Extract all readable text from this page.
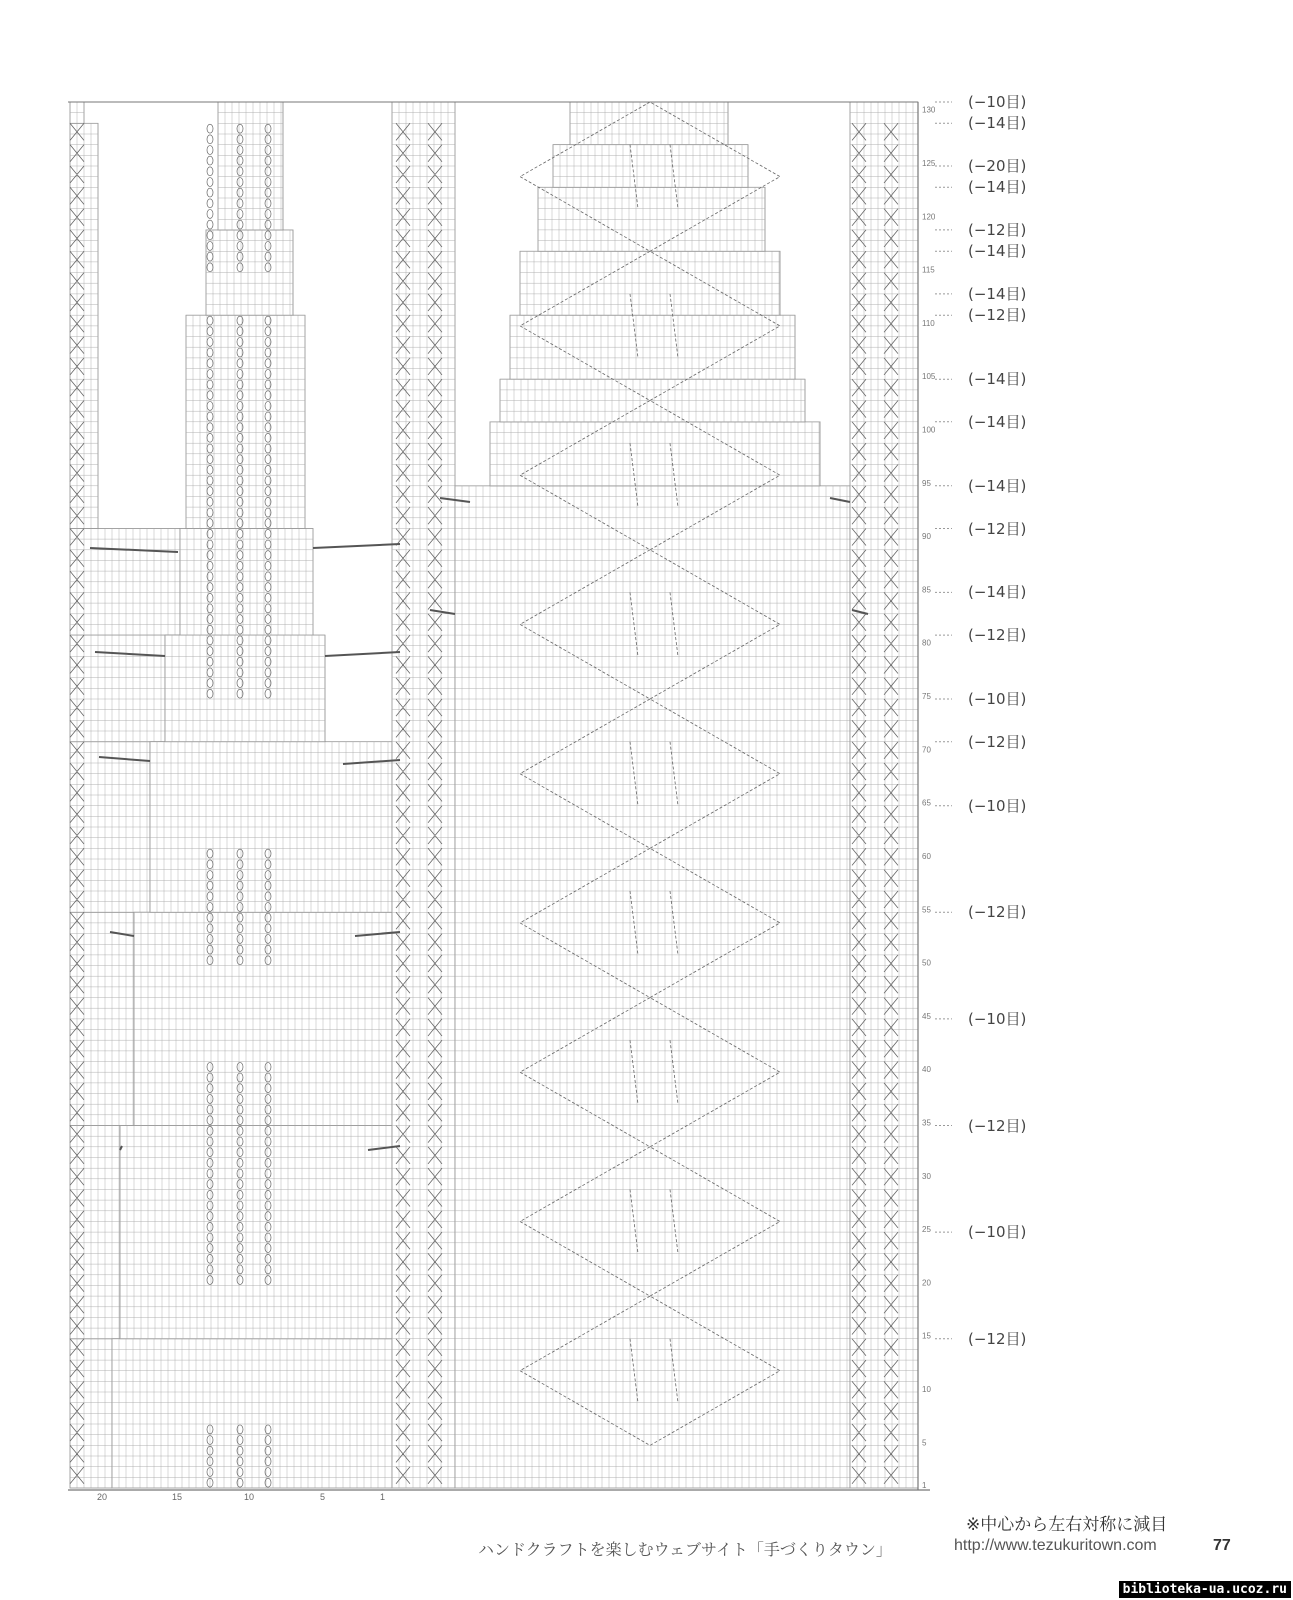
130
125
120
115
110
105
100
95
90
85
80
75
70
65
60
55
50
45
40
35
30
25
20
15
10
5
1
20	15	10	5	1
(−10目)
(−14目)
(−20目)
(−14目)
(−12目)
(−14目)
(−14目)
(−12目)
(−14目)
(−14目)
(−14目)
(−12目)
(−14目)
(−12目)
(−10目)
(−12目)
(−10目)
(−12目)
(−10目)
(−12目)
(−10目)
(−12目)
※中心から左右対称に減目
ハンドクラフトを楽しむウェブサイト「手づくりタウン」	http://www.tezukuritown.com	77
biblioteka-ua.ucoz.ru
